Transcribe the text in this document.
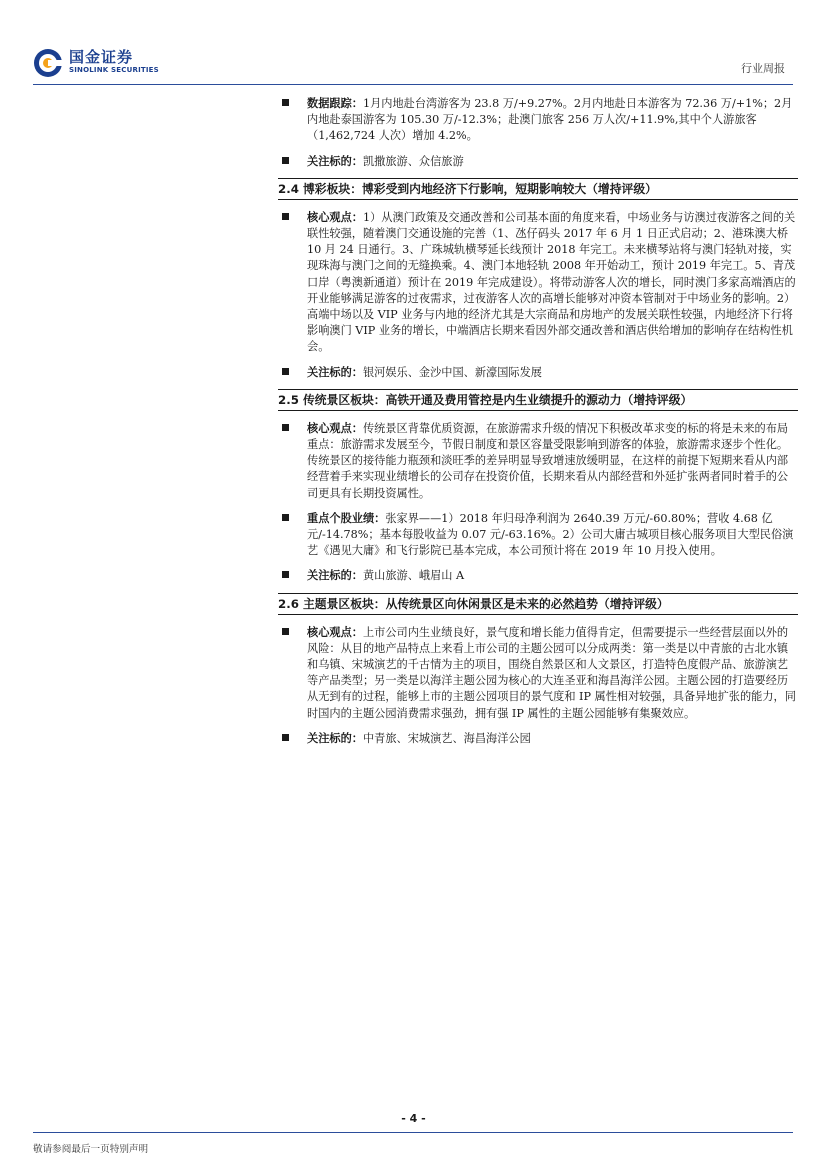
国金证券
SINOLINK SECURITIES	行业周报
数据跟踪：1月内地赴台湾游客为 23.8 万/+9.27%。2月内地赴日本游客为 72.36 万/+1%；2月内地赴泰国游客为 105.30 万/-12.3%；赴澳门旅客 256 万人次/+11.9%,其中个人游旅客（1,462,724 人次）增加 4.2%。
关注标的：凯撒旅游、众信旅游
2.4 博彩板块：博彩受到内地经济下行影响，短期影响较大（增持评级）
核心观点：1）从澳门政策及交通改善和公司基本面的角度来看，中场业务与访澳过夜游客之间的关联性较强，随着澳门交通设施的完善（1、氹仔码头 2017 年 6 月 1 日正式启动；2、港珠澳大桥 10 月 24 日通行。3、广珠城轨横琴延长线预计 2018 年完工。未来横琴站将与澳门轻轨对接，实现珠海与澳门之间的无缝换乘。4、澳门本地轻轨 2008 年开始动工，预计 2019 年完工。5、青茂口岸（粤澳新通道）预计在 2019 年完成建设）。将带动游客人次的增长，同时澳门多家高端酒店的开业能够满足游客的过夜需求，过夜游客人次的高增长能够对冲资本管制对于中场业务的影响。2）高端中场以及 VIP 业务与内地的经济尤其是大宗商品和房地产的发展关联性较强，内地经济下行将影响澳门 VIP 业务的增长，中端酒店长期来看因外部交通改善和酒店供给增加的影响存在结构性机会。
关注标的：银河娱乐、金沙中国、新濠国际发展
2.5 传统景区板块：高铁开通及费用管控是内生业绩提升的源动力（增持评级）
核心观点：传统景区背靠优质资源，在旅游需求升级的情况下积极改革求变的标的将是未来的布局重点：旅游需求发展至今，节假日制度和景区容量受限影响到游客的体验，旅游需求逐步个性化。传统景区的接待能力瓶颈和淡旺季的差异明显导致增速放缓明显，在这样的前提下短期来看从内部经营着手来实现业绩增长的公司存在投资价值，长期来看从内部经营和外延扩张两者同时着手的公司更具有长期投资属性。
重点个股业绩：张家界——1）2018 年归母净利润为 2640.39 万元/-60.80%；营收 4.68 亿元/-14.78%；基本每股收益为 0.07 元/-63.16%。2）公司大庸古城项目核心服务项目大型民俗演艺《遇见大庸》和飞行影院已基本完成，本公司预计将在 2019 年 10 月投入使用。
关注标的：黄山旅游、峨眉山 A
2.6 主题景区板块：从传统景区向休闲景区是未来的必然趋势（增持评级）
核心观点：上市公司内生业绩良好，景气度和增长能力值得肯定，但需要提示一些经营层面以外的风险：从目的地产品特点上来看上市公司的主题公园可以分成两类：第一类是以中青旅的古北水镇和乌镇、宋城演艺的千古情为主的项目，围绕自然景区和人文景区，打造特色度假产品、旅游演艺等产品类型；另一类是以海洋主题公园为核心的大连圣亚和海昌海洋公园。主题公园的打造要经历从无到有的过程，能够上市的主题公园项目的景气度和 IP 属性相对较强，具备异地扩张的能力，同时国内的主题公园消费需求强劲，拥有强 IP 属性的主题公园能够有集聚效应。
关注标的：中青旅、宋城演艺、海昌海洋公园
- 4 -
敬请参阅最后一页特别声明
